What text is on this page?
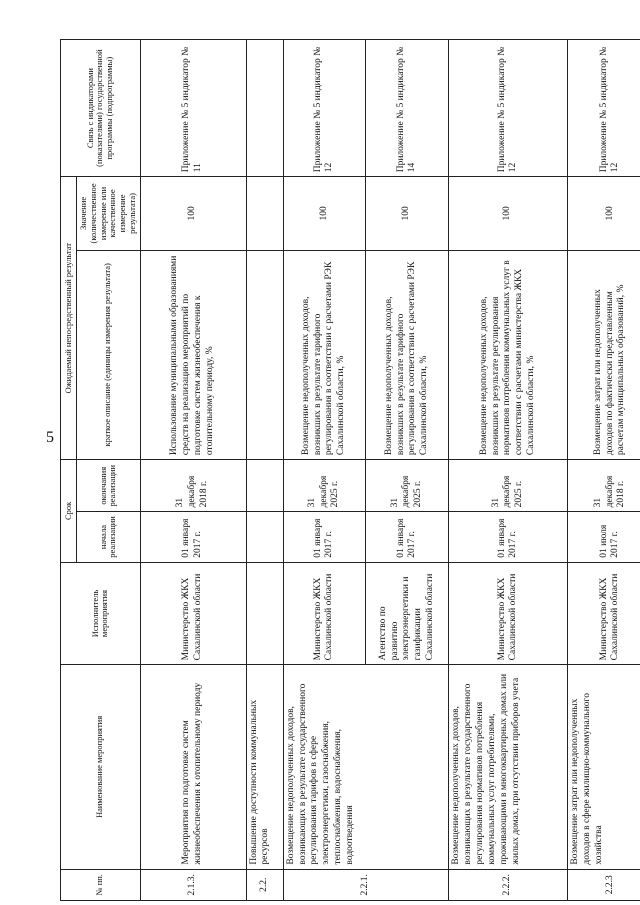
5
№ пп.	Наименование мероприятия	Исполнитель мероприятия	Срок		Ожидаемый непосредственный результат		Связь с индикаторами (показателями) государственной программы (подпрограммы)
			начала реализации	окончания реализации	краткое описание (единицы измерения результата)	Значение (количественное измерение или качественное измерение результата)	

2.1.3.	Мероприятия по подготовке систем жизнеобеспечения к отопительному периоду	Министерство ЖКХ Сахалинской области	01 января 2017 г.	31 декабря 2018 г.	Использование муниципальными образованиями средств на реализацию мероприятий по подготовке систем жизнеобеспечения к отопительному периоду, %	100	Приложение № 5 индикатор № 11
2.2.	Повышение доступности коммунальных ресурсов						
2.2.1.	Возмещение недополученных доходов, возникающих в результате государственного регулирования тарифов в сфере электроэнергетики, газоснабжения, теплоснабжения, водоснабжения, водоотведения	Министерство ЖКХ Сахалинской области	01 января 2017 г.	31 декабря 2025 г.	Возмещение недополученных доходов, возникших в результате тарифного регулирования в соответствии с расчетами РЭК Сахалинской области, %	100	Приложение № 5 индикатор № 12
		Агентство по развитию электроэнергетики и газификации Сахалинской области	01 января 2017 г.	31 декабря 2025 г.	Возмещение недополученных доходов, возникших в результате тарифного регулирования в соответствии с расчетами РЭК Сахалинской области, %	100	Приложение № 5 индикатор № 14
2.2.2.	Возмещение недополученных доходов, возникающих в результате государственного регулирования нормативов потребления коммунальных услуг потребителями, проживающими в многоквартирных домах или жилых домах, при отсутствии приборов учета	Министерство ЖКХ Сахалинской области	01 января 2017 г.	31 декабря 2025 г.	Возмещение недополученных доходов, возникших в результате регулирования нормативов потребления коммунальных услуг в соответствии с расчетами министерства ЖКХ Сахалинской области, %	100	Приложение № 5 индикатор № 12
2.2.3	Возмещение затрат или недополученных доходов в сфере жилищно-коммунального хозяйства	Министерство ЖКХ Сахалинской области	01 июля 2017 г.	31 декабря 2018 г.	Возмещение затрат или недополученных доходов по фактически представленным расчетам муниципальных образований, %	100	Приложение № 5 индикатор № 12
